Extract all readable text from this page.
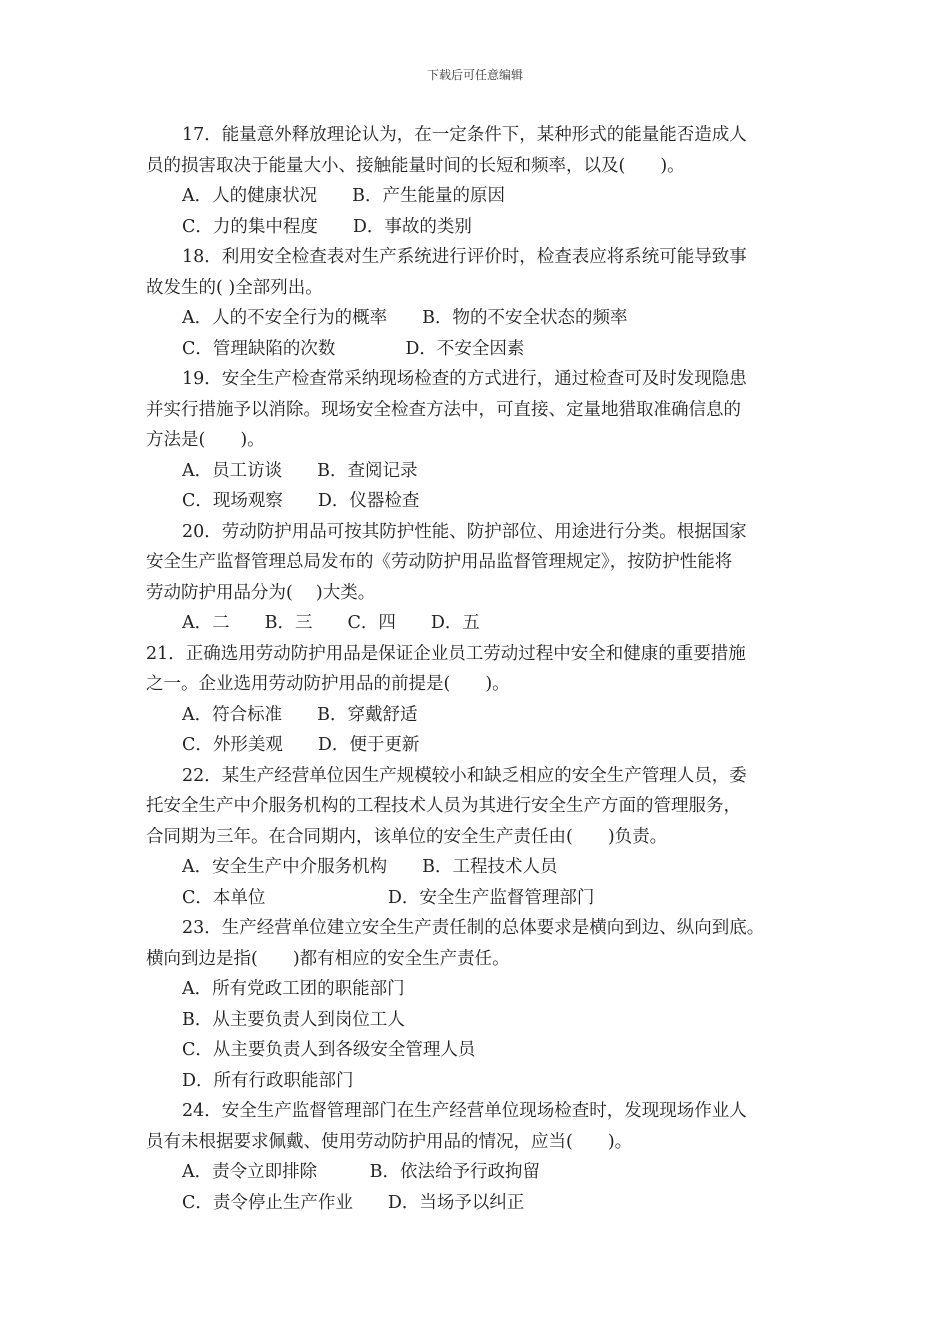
下载后可任意编辑

17．能量意外释放理论认为，在一定条件下，某种形式的能量能否造成人

员的损害取决于能量大小、接触能量时间的长短和频率，以及(　　)。

A．人的健康状况　　B．产生能量的原因

C．力的集中程度　　D．事故的类别

18．利用安全检查表对生产系统进行评价时，检查表应将系统可能导致事

故发生的( )全部列出。

A．人的不安全行为的概率　　B．物的不安全状态的频率

C．管理缺陷的次数　　　　D．不安全因素

19．安全生产检查常采纳现场检查的方式进行，通过检查可及时发现隐患

并实行措施予以消除。现场安全检查方法中，可直接、定量地猎取准确信息的

方法是(　　)。

A．员工访谈　　B．查阅记录

C．现场观察　　D．仪器检查

20．劳动防护用品可按其防护性能、防护部位、用途进行分类。根据国家

安全生产监督管理总局发布的《劳动防护用品监督管理规定》，按防护性能将

劳动防护用品分为(　 )大类。

A．二　　B．三　　C．四　　D．五

21．正确选用劳动防护用品是保证企业员工劳动过程中安全和健康的重要措施

之一。企业选用劳动防护用品的前提是(　　)。

A．符合标准　　B．穿戴舒适

C．外形美观　　D．便于更新

22．某生产经营单位因生产规模较小和缺乏相应的安全生产管理人员，委

托安全生产中介服务机构的工程技术人员为其进行安全生产方面的管理服务，

合同期为三年。在合同期内，该单位的安全生产责任由(　　)负责。

A．安全生产中介服务机构　　B．工程技术人员

C．本单位　　　　　　　D．安全生产监督管理部门

23．生产经营单位建立安全生产责任制的总体要求是横向到边、纵向到底。

横向到边是指(　　)都有相应的安全生产责任。

A．所有党政工团的职能部门

B．从主要负责人到岗位工人

C．从主要负责人到各级安全管理人员

D．所有行政职能部门

24．安全生产监督管理部门在生产经营单位现场检查时，发现现场作业人

员有未根据要求佩戴、使用劳动防护用品的情况，应当(　　)。

A．责令立即排除　　　B．依法给予行政拘留

C．责令停止生产作业　　D．当场予以纠正
